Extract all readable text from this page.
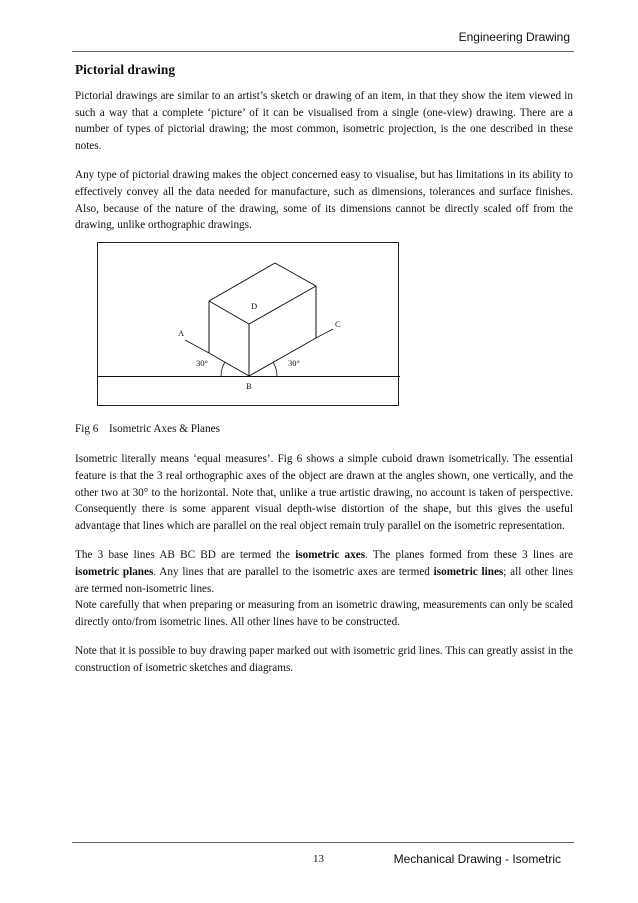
Engineering Drawing
Pictorial drawing

Pictorial drawings are similar to an artist’s sketch or drawing of an item, in that they show the item viewed in such a way that a complete ‘picture’ of it can be visualised from a single (one-view) drawing. There are a number of types of pictorial drawing; the most common, isometric projection, is the one described in these notes.

Any type of pictorial drawing makes the object concerned easy to visualise, but has limitations in its ability to effectively convey all the data needed for manufacture, such as dimensions, tolerances and surface finishes. Also, because of the nature of the drawing, some of its dimensions cannot be directly scaled off from the drawing, unlike orthographic drawings.

A
B
C
D
30°	30°

Fig 6 Isometric Axes & Planes

Isometric literally means ‘equal measures’. Fig 6 shows a simple cuboid drawn isometrically. The essential feature is that the 3 real orthographic axes of the object are drawn at the angles shown, one vertically, and the other two at 30° to the horizontal. Note that, unlike a true artistic drawing, no account is taken of perspective. Consequently there is some apparent visual depth-wise distortion of the shape, but this gives the useful advantage that lines which are parallel on the real object remain truly parallel on the isometric representation.

The 3 base lines AB BC BD are termed the isometric axes. The planes formed from these 3 lines are isometric planes. Any lines that are parallel to the isometric axes are termed isometric lines; all other lines are termed non-isometric lines.

Note carefully that when preparing or measuring from an isometric drawing, measurements can only be scaled directly onto/from isometric lines. All other lines have to be constructed.

Note that it is possible to buy drawing paper marked out with isometric grid lines. This can greatly assist in the construction of isometric sketches and diagrams.

13	Mechanical Drawing - Isometric
